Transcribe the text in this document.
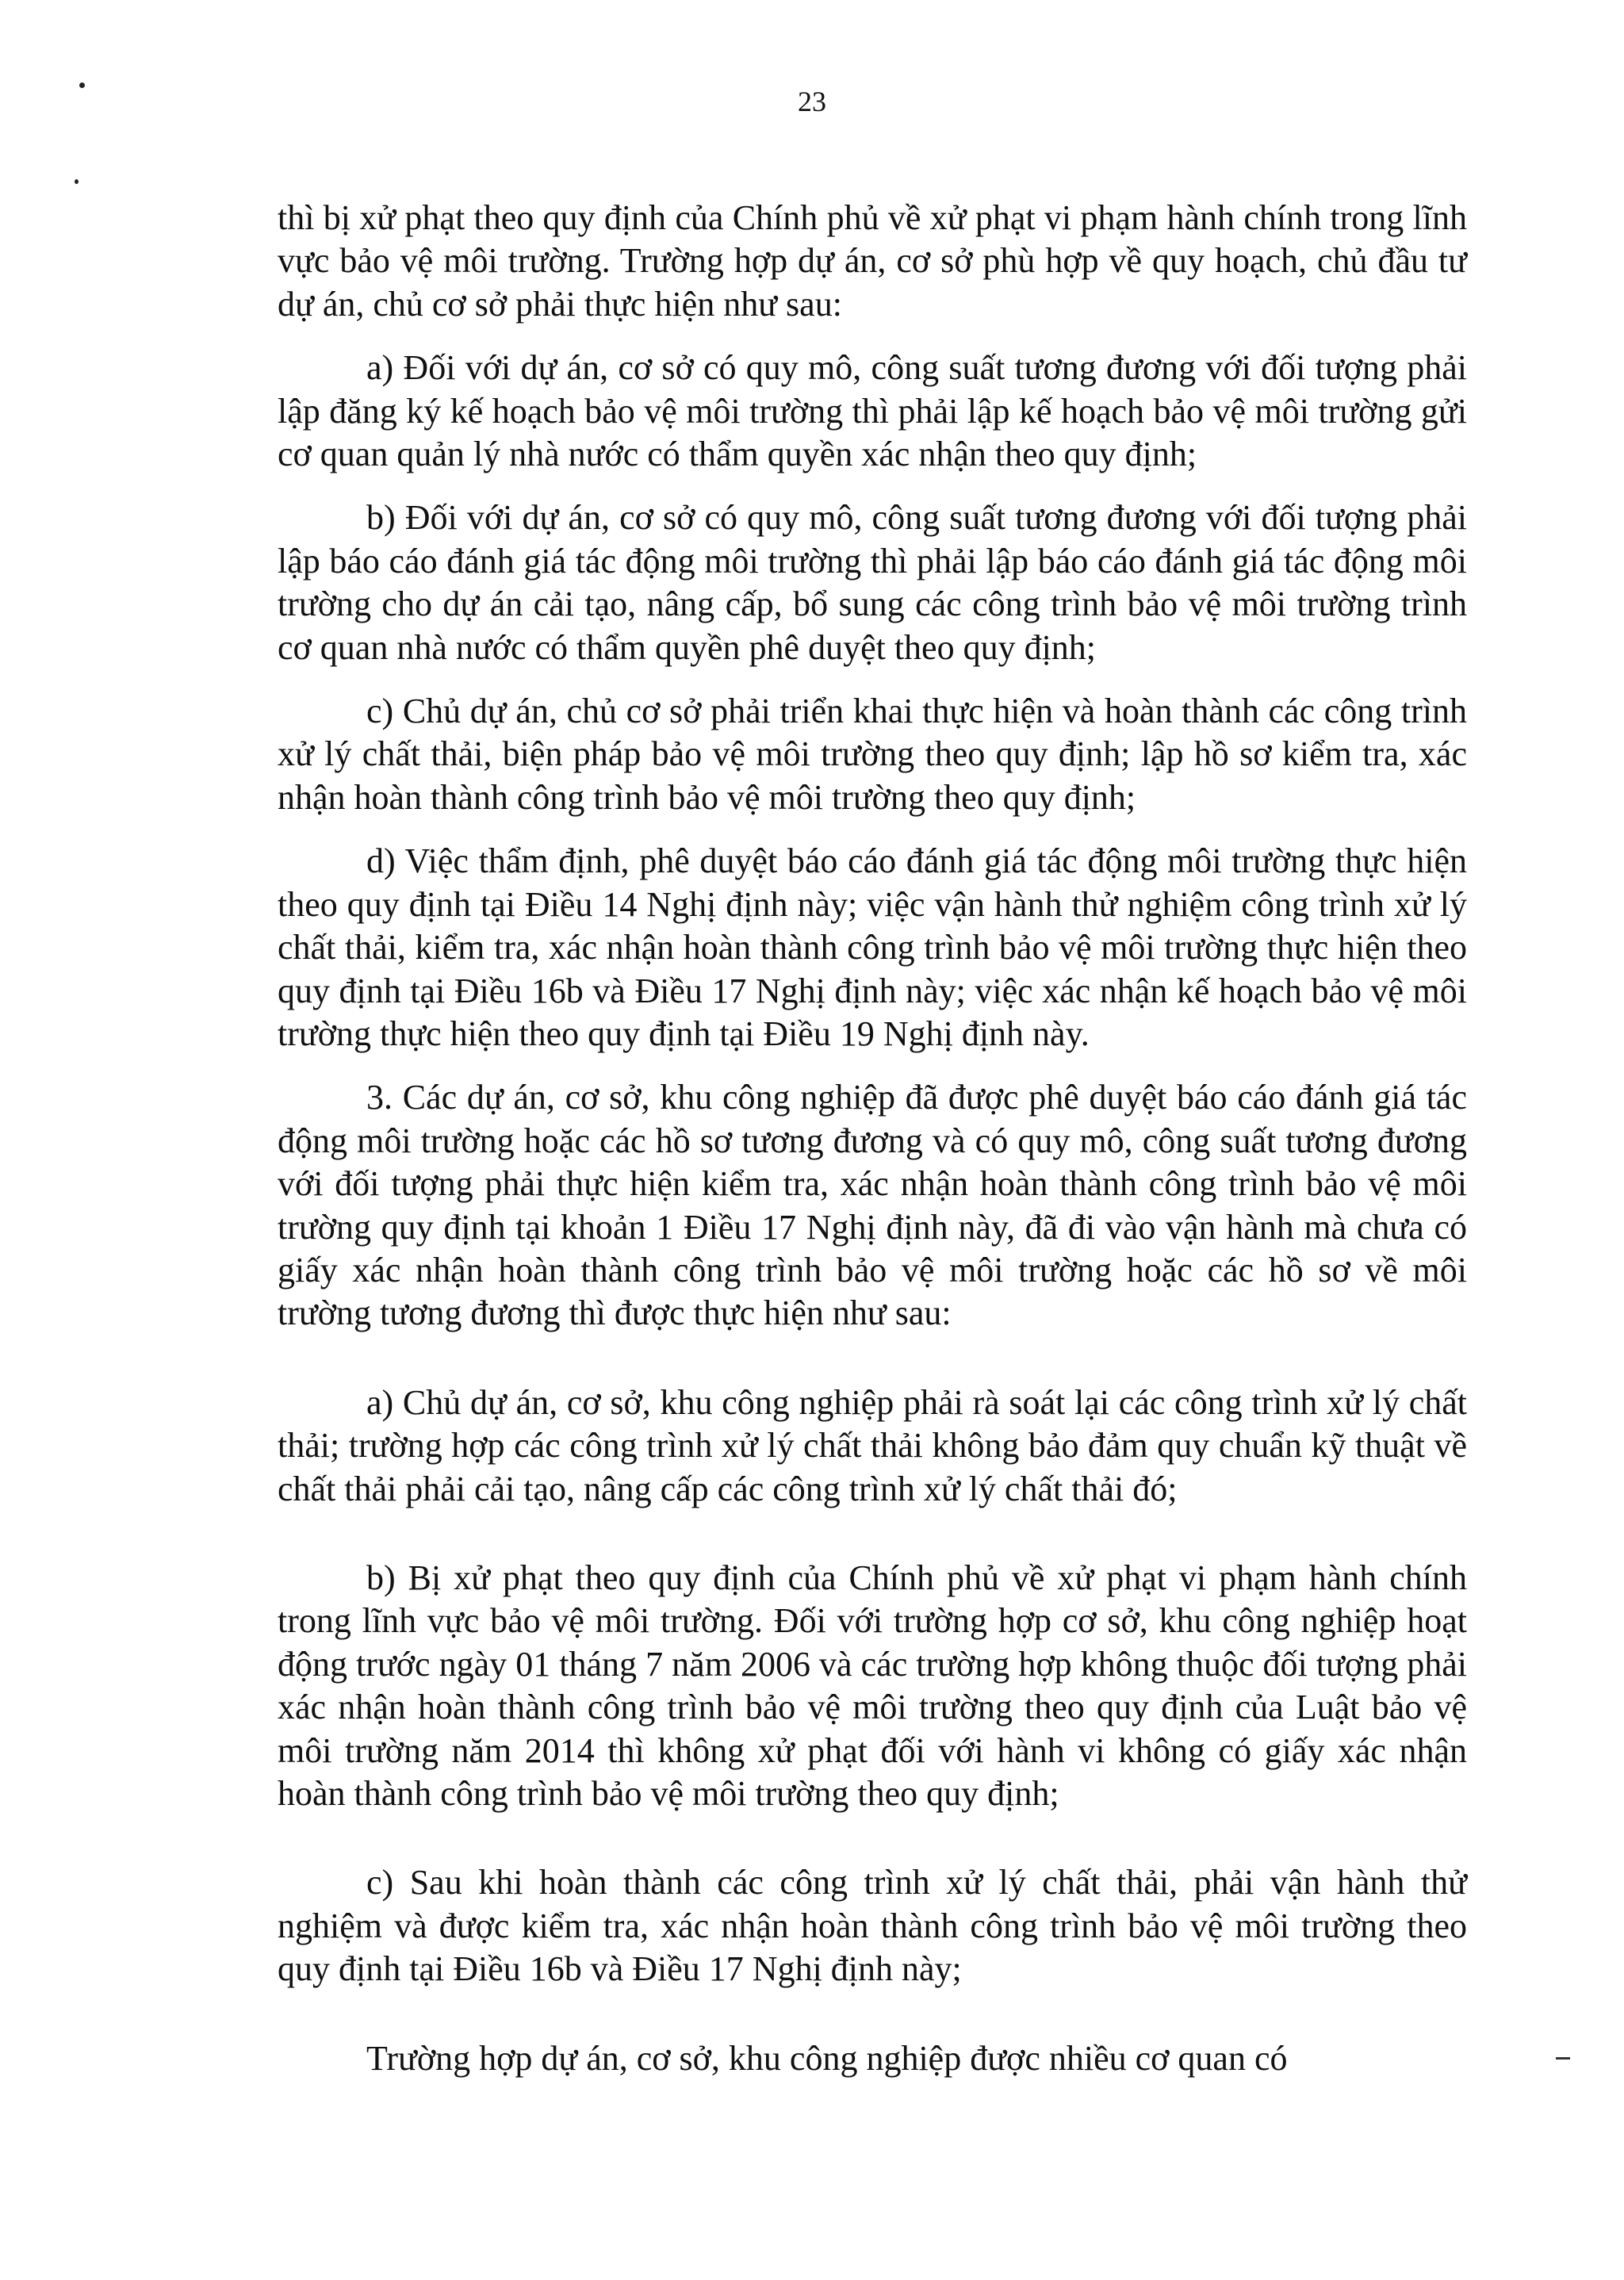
23

thì bị xử phạt theo quy định của Chính phủ về xử phạt vi phạm hành chính trong lĩnh vực bảo vệ môi trường. Trường hợp dự án, cơ sở phù hợp về quy hoạch, chủ đầu tư dự án, chủ cơ sở phải thực hiện như sau:

a) Đối với dự án, cơ sở có quy mô, công suất tương đương với đối tượng phải lập đăng ký kế hoạch bảo vệ môi trường thì phải lập kế hoạch bảo vệ môi trường gửi cơ quan quản lý nhà nước có thẩm quyền xác nhận theo quy định;

b) Đối với dự án, cơ sở có quy mô, công suất tương đương với đối tượng phải lập báo cáo đánh giá tác động môi trường thì phải lập báo cáo đánh giá tác động môi trường cho dự án cải tạo, nâng cấp, bổ sung các công trình bảo vệ môi trường trình cơ quan nhà nước có thẩm quyền phê duyệt theo quy định;

c) Chủ dự án, chủ cơ sở phải triển khai thực hiện và hoàn thành các công trình xử lý chất thải, biện pháp bảo vệ môi trường theo quy định; lập hồ sơ kiểm tra, xác nhận hoàn thành công trình bảo vệ môi trường theo quy định;

d) Việc thẩm định, phê duyệt báo cáo đánh giá tác động môi trường thực hiện theo quy định tại Điều 14 Nghị định này; việc vận hành thử nghiệm công trình xử lý chất thải, kiểm tra, xác nhận hoàn thành công trình bảo vệ môi trường thực hiện theo quy định tại Điều 16b và Điều 17 Nghị định này; việc xác nhận kế hoạch bảo vệ môi trường thực hiện theo quy định tại Điều 19 Nghị định này.

3. Các dự án, cơ sở, khu công nghiệp đã được phê duyệt báo cáo đánh giá tác động môi trường hoặc các hồ sơ tương đương và có quy mô, công suất tương đương với đối tượng phải thực hiện kiểm tra, xác nhận hoàn thành công trình bảo vệ môi trường quy định tại khoản 1 Điều 17 Nghị định này, đã đi vào vận hành mà chưa có giấy xác nhận hoàn thành công trình bảo vệ môi trường hoặc các hồ sơ về môi trường tương đương thì được thực hiện như sau:

a) Chủ dự án, cơ sở, khu công nghiệp phải rà soát lại các công trình xử lý chất thải; trường hợp các công trình xử lý chất thải không bảo đảm quy chuẩn kỹ thuật về chất thải phải cải tạo, nâng cấp các công trình xử lý chất thải đó;

b) Bị xử phạt theo quy định của Chính phủ về xử phạt vi phạm hành chính trong lĩnh vực bảo vệ môi trường. Đối với trường hợp cơ sở, khu công nghiệp hoạt động trước ngày 01 tháng 7 năm 2006 và các trường hợp không thuộc đối tượng phải xác nhận hoàn thành công trình bảo vệ môi trường theo quy định của Luật bảo vệ môi trường năm 2014 thì không xử phạt đối với hành vi không có giấy xác nhận hoàn thành công trình bảo vệ môi trường theo quy định;

c) Sau khi hoàn thành các công trình xử lý chất thải, phải vận hành thử nghiệm và được kiểm tra, xác nhận hoàn thành công trình bảo vệ môi trường theo quy định tại Điều 16b và Điều 17 Nghị định này;

Trường hợp dự án, cơ sở, khu công nghiệp được nhiều cơ quan có
